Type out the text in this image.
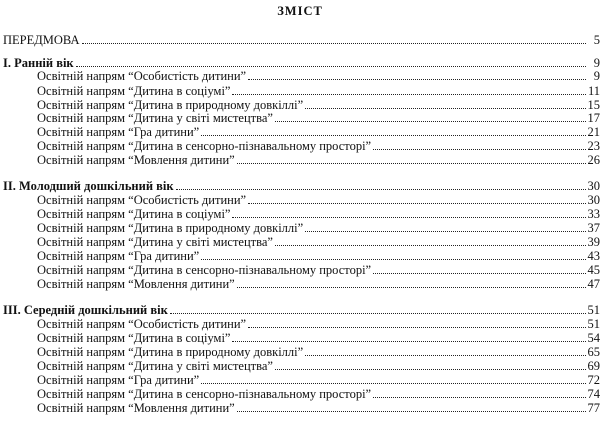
ЗМІСТ
ПЕРЕДМОВА	5
I. Ранній вік	9
Освітній напрям “Особистість дитини”	9
Освітній напрям “Дитина в соціумі”	11
Освітній напрям “Дитина в природному довкіллі”	15
Освітній напрям “Дитина у світі мистецтва”	17
Освітній напрям “Гра дитини”	21
Освітній напрям “Дитина в сенсорно-пізнавальному просторі”	23
Освітній напрям “Мовлення дитини”	26
II. Молодший дошкільний вік	30
Освітній напрям “Особистість дитини”	30
Освітній напрям “Дитина в соціумі”	33
Освітній напрям “Дитина в природному довкіллі”	37
Освітній напрям “Дитина у світі мистецтва”	39
Освітній напрям “Гра дитини”	43
Освітній напрям “Дитина в сенсорно-пізнавальному просторі”	45
Освітній напрям “Мовлення дитини”	47
III. Середній дошкільний вік	51
Освітній напрям “Особистість дитини”	51
Освітній напрям “Дитина в соціумі”	54
Освітній напрям “Дитина в природному довкіллі”	65
Освітній напрям “Дитина у світі мистецтва”	69
Освітній напрям “Гра дитини”	72
Освітній напрям “Дитина в сенсорно-пізнавальному просторі”	74
Освітній напрям “Мовлення дитини”	77
